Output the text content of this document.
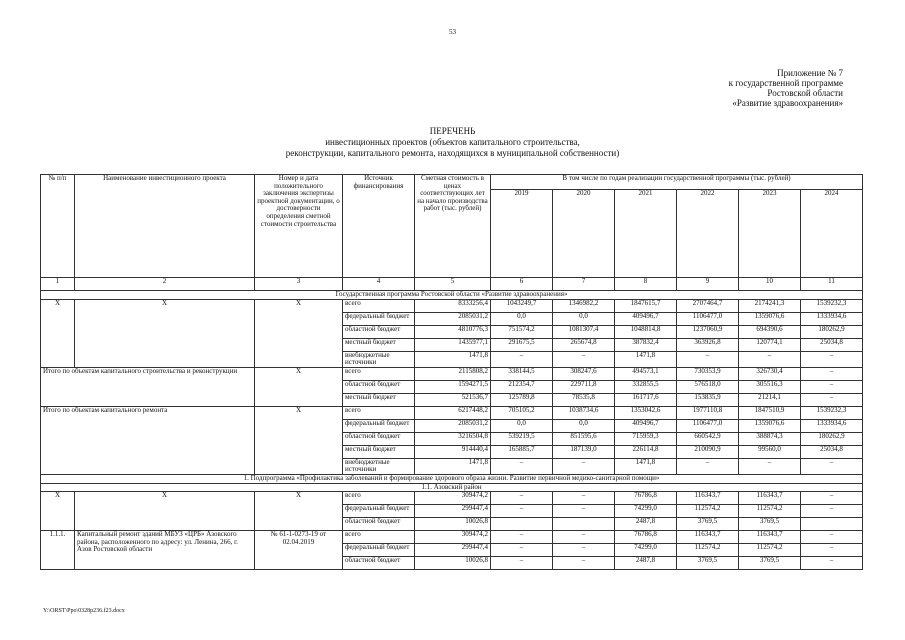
53
Приложение № 7
к государственной программе
Ростовской области
«Развитие здравоохранения»
ПЕРЕЧЕНЬ
инвестиционных проектов (объектов капитального строительства,
реконструкции, капитального ремонта, находящихся в муниципальной собственности)
№ п/п	Наименование инвестиционного проекта	Номер и дата положительного заключения экспертизы проектной документации, о достоверности определения сметной стоимости строительства	Источник финансирования	Сметная стоимость в ценах соответствующих лет на начало производства работ (тыс. рублей)	В том числе по годам реализации государственной программы (тыс. рублей)					
					2019	2020	2021	2022	2023	2024
1	2	3	4	5	6	7	8	9	10	11
Государственная программа Ростовской области «Развитие здравоохранения»										
Х	Х	Х	всего	8333256,4	1043249,7	1346982,2	1847615,7	2707464,7	2174241,3	1539232,3
			федеральный бюджет	2085031,2	0,0	0,0	409496,7	1106477,0	1359076,6	1333934,6
			областной бюджет	4810776,3	751574,2	1081307,4	1048814,8	1237060,9	694390,6	180262,9
			местный бюджет	1435977,1	291675,5	265674,8	387832,4	363926,8	120774,1	25034,8
			внебюджетные источники	1471,8	–	–	1471,8	–	–	–
Итого по объектам капитального строительства и реконструкции		Х	всего	2115808,2	338144,5	308247,6	494573,1	730353,9	326730,4	–
			областной бюджет	1594271,5	212354,7	229711,8	332855,5	576518,0	305516,3	–
			местный бюджет	521536,7	125789,8	78535,8	161717,6	153835,9	21214,1	–
Итого по объектам капитального ремонта		Х	всего	6217448,2	705105,2	1038734,6	1353042,6	1977110,8	1847510,9	1539232,3
			федеральный бюджет	2085031,2	0,0	0,0	409496,7	1106477,0	1359076,6	1333934,6
			областной бюджет	3216504,8	539219,5	851595,6	715959,3	660542,9	388874,3	180262,9
			местный бюджет	914440,4	165885,7	187139,0	226114,8	210090,9	99560,0	25034,8
			внебюджетные источники	1471,8	–	–	1471,8	–	–	–
1. Подпрограмма «Профилактика заболеваний и формирование здорового образа жизни. Развитие первичной медико-санитарной помощи»										
1.1. Азовский район										
Х	Х	Х	всего	309474,2	–	–	76786,8	116343,7	116343,7	–
			федеральный бюджет	299447,4	–	–	74299,0	112574,2	112574,2	–
			областной бюджет	10026,8			2487,8	3769,5	3769,5	
1.1.1.	Капитальный ремонт зданий МБУЗ «ЦРБ» Азовского района, расположенного по адресу: ул. Ленина, 266, г. Азов Ростовской области	№ 61-1-0273-19 от 02.04.2019	всего	309474,2	–	–	76786,8	116343,7	116343,7	–
			федеральный бюджет	299447,4	–	–	74299,0	112574,2	112574,2	–
			областной бюджет	10026,8	–	–	2487,8	3769,5	3769,5	–
Y:\ORST\Ppo\0328p236.f23.docx
